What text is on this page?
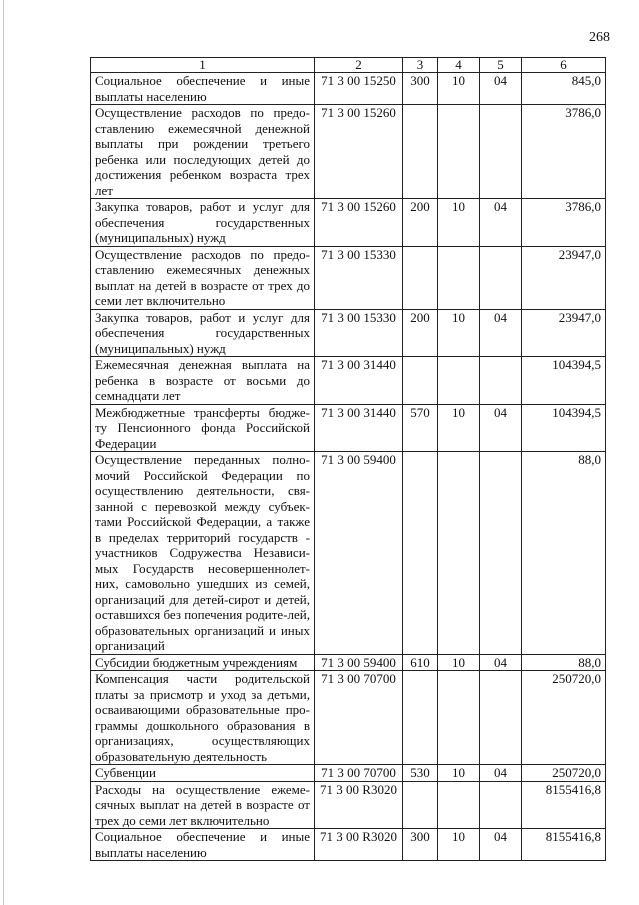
268
1	2	3	4	5	6
Социальное обеспечение и иные выплаты населению	71 3 00 15250	300	10	04	845,0
Осуществление расходов по предо-ставлению ежемесячной денежной выплаты при рождении третьего ребенка или последующих детей до достижения ребенком возраста трех лет	71 3 00 15260				3786,0
Закупка товаров, работ и услуг для обеспечения государственных (муниципальных) нужд	71 3 00 15260	200	10	04	3786,0
Осуществление расходов по предо-ставлению ежемесячных денежных выплат на детей в возрасте от трех до семи лет включительно	71 3 00 15330				23947,0
Закупка товаров, работ и услуг для обеспечения государственных (муниципальных) нужд	71 3 00 15330	200	10	04	23947,0
Ежемесячная денежная выплата на ребенка в возрасте от восьми до семнадцати лет	71 3 00 31440				104394,5
Межбюджетные трансферты бюдже-ту Пенсионного фонда Российской Федерации	71 3 00 31440	570	10	04	104394,5
Осуществление переданных полно-мочий Российской Федерации по осуществлению деятельности, свя-занной с перевозкой между субъек-тами Российской Федерации, а также в пределах территорий государств - участников Содружества Независи-мых Государств несовершеннолет-них, самовольно ушедших из семей, организаций для детей-сирот и детей, оставшихся без попечения родите-лей, образовательных организаций и иных организаций	71 3 00 59400				88,0
Субсидии бюджетным учреждениям	71 3 00 59400	610	10	04	88,0
Компенсация части родительской платы за присмотр и уход за детьми, осваивающими образовательные про-граммы дошкольного образования в организациях, осуществляющих образовательную деятельность	71 3 00 70700				250720,0
Субвенции	71 3 00 70700	530	10	04	250720,0
Расходы на осуществление ежеме-сячных выплат на детей в возрасте от трех до семи лет включительно	71 3 00 R3020				8155416,8
Социальное обеспечение и иные выплаты населению	71 3 00 R3020	300	10	04	8155416,8
